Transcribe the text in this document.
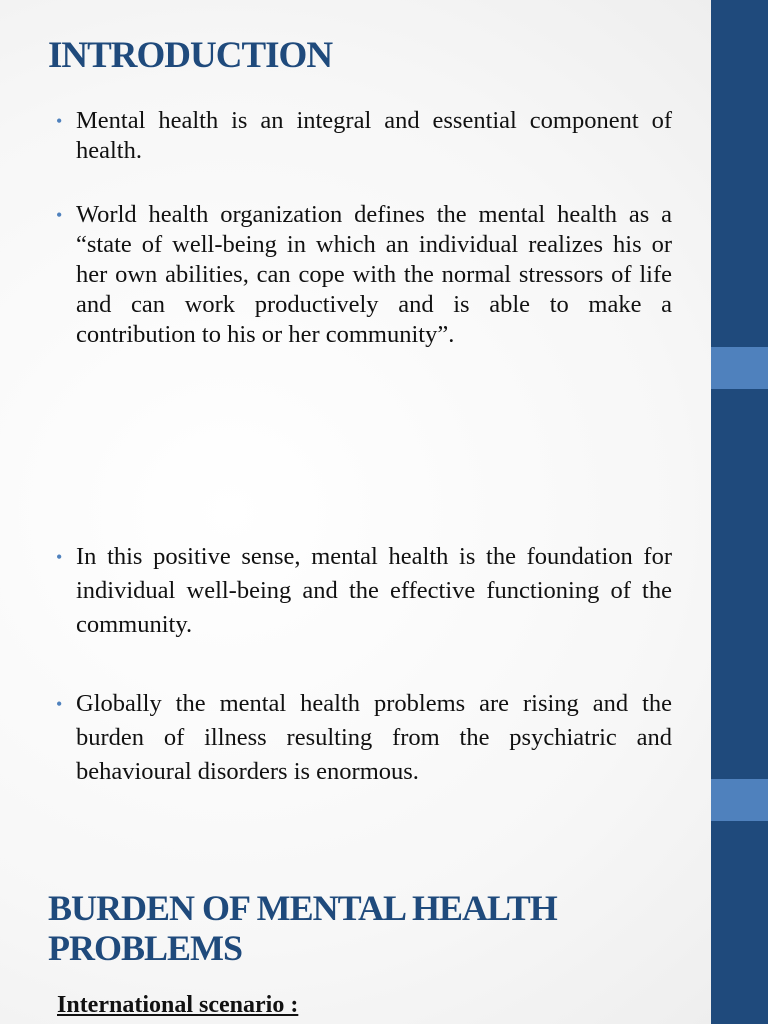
INTRODUCTION
• Mental health is an integral and essential component of health.
• World health organization defines the mental health as a “state of well-being in which an individual realizes his or her own abilities, can cope with the normal stressors of life and can work productively and is able to make a contribution to his or her community”.
• In this positive sense, mental health is the foundation for individual well-being and the effective functioning of the community.
• Globally the mental health problems are rising and the burden of illness resulting from the psychiatric and behavioural disorders is enormous.
BURDEN OF MENTAL HEALTH PROBLEMS
International scenario :
